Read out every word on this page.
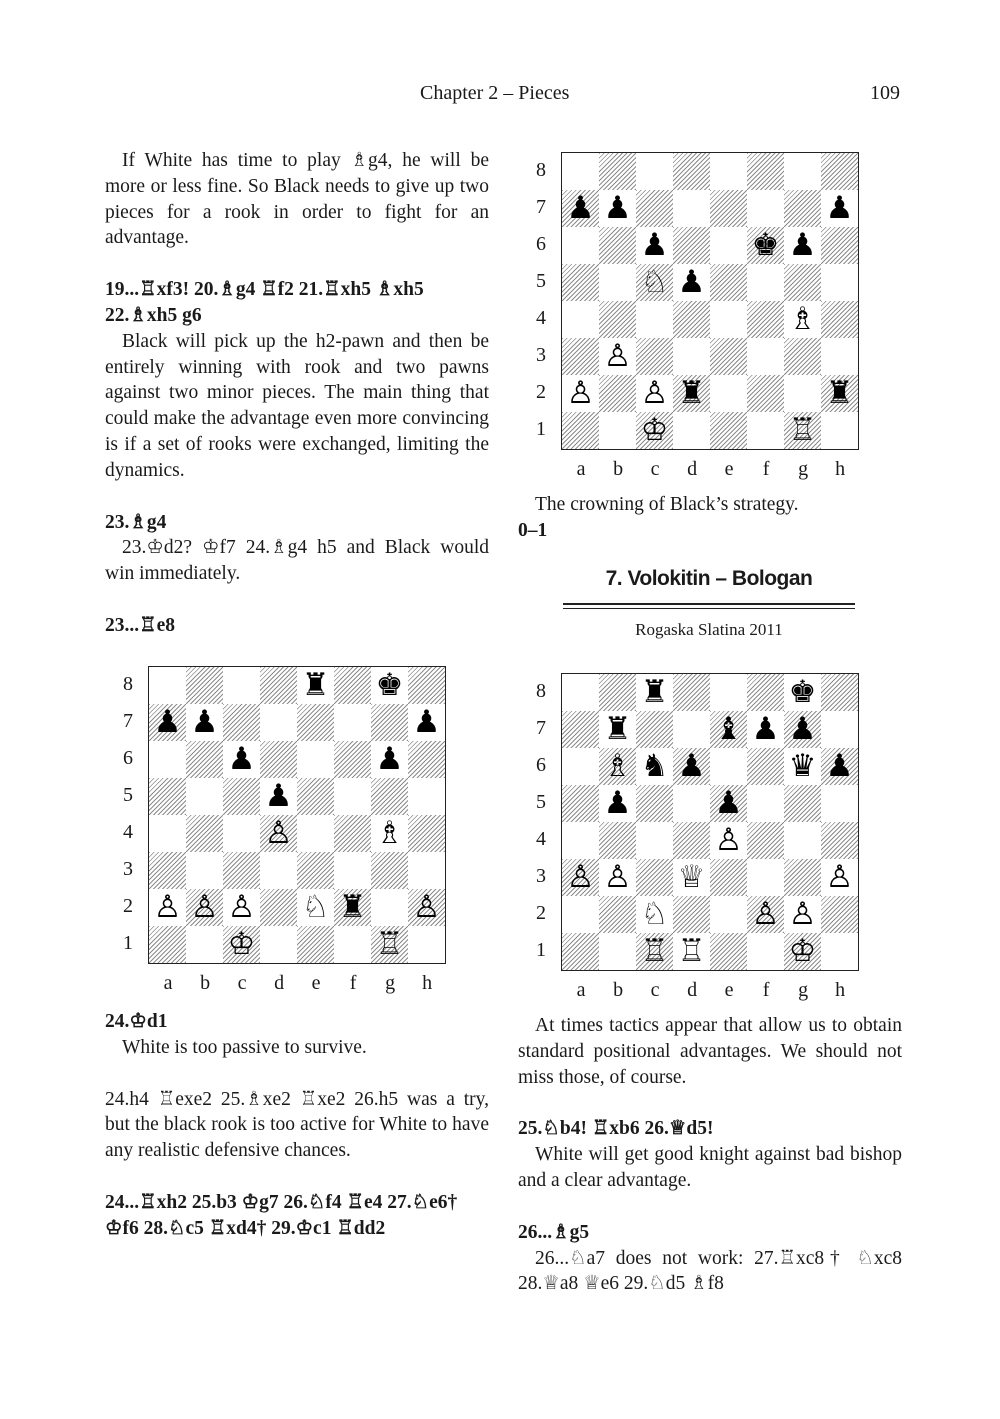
Chapter 2 – Pieces	109

If White has time to play ♗g4, he will be more or less fine. So Black needs to give up two pieces for a rook in order to fight for an advantage.

19...♖xf3! 20.♗g4 ♖f2 21.♖xh5 ♗xh5 22.♗xh5 g6

Black will pick up the h2-pawn and then be entirely winning with rook and two pawns against two minor pieces. The main thing that could make the advantage even more convincing is if a set of rooks were exchanged, limiting the dynamics.

23.♗g4

23.♔d2? ♔f7 24.♗g4 h5 and Black would win immediately.

23...♖e8

24.♔d1

White is too passive to survive.

24.h4 ♖exe2 25.♗xe2 ♖xe2 26.h5 was a try, but the black rook is too active for White to have any realistic defensive chances.

24...♖xh2 25.b3 ♔g7 26.♘f4 ♖e4 27.♘e6† ♔f6 28.♘c5 ♖xd4† 29.♔c1 ♖dd2

The crowning of Black’s strategy.

0–1

7. Volokitin – Bologan
Rogaska Slatina 2011

At times tactics appear that allow us to obtain standard positional advantages. We should not miss those, of course.

25.♘b4! ♖xb6 26.♕d5!

White will get good knight against bad bishop and a clear advantage.

26...♗g5

26...♘a7 does not work: 27.♖xc8† ♘xc8 28.♕a8 ♕e6 29.♘d5 ♗f8

8
7
6
5
4
3
2
1
a	b	c	d	e	f	g	h
♜ ♚
♟ ♟	♟
♟	♟
♟
♙	♗
♙ ♙ ♙ ♘ ♜ ♙
♔	♖
8
7
6
5
4
3
2
1
a	b	c	d	e	f	g	h
♟ ♟	♟
♟	♚ ♟
♘ ♟
♗
♙
♙ ♙ ♜	♜
♔	♖
8
7
6
5
4
3
2
1
a	b	c	d	e	f	g	h
♜	♚
♜	♝ ♟ ♟
♗ ♞ ♟	♛ ♟
♟	♟
♙
♙ ♙ ♕	♙
♘	♙ ♙
♖ ♖	♔
